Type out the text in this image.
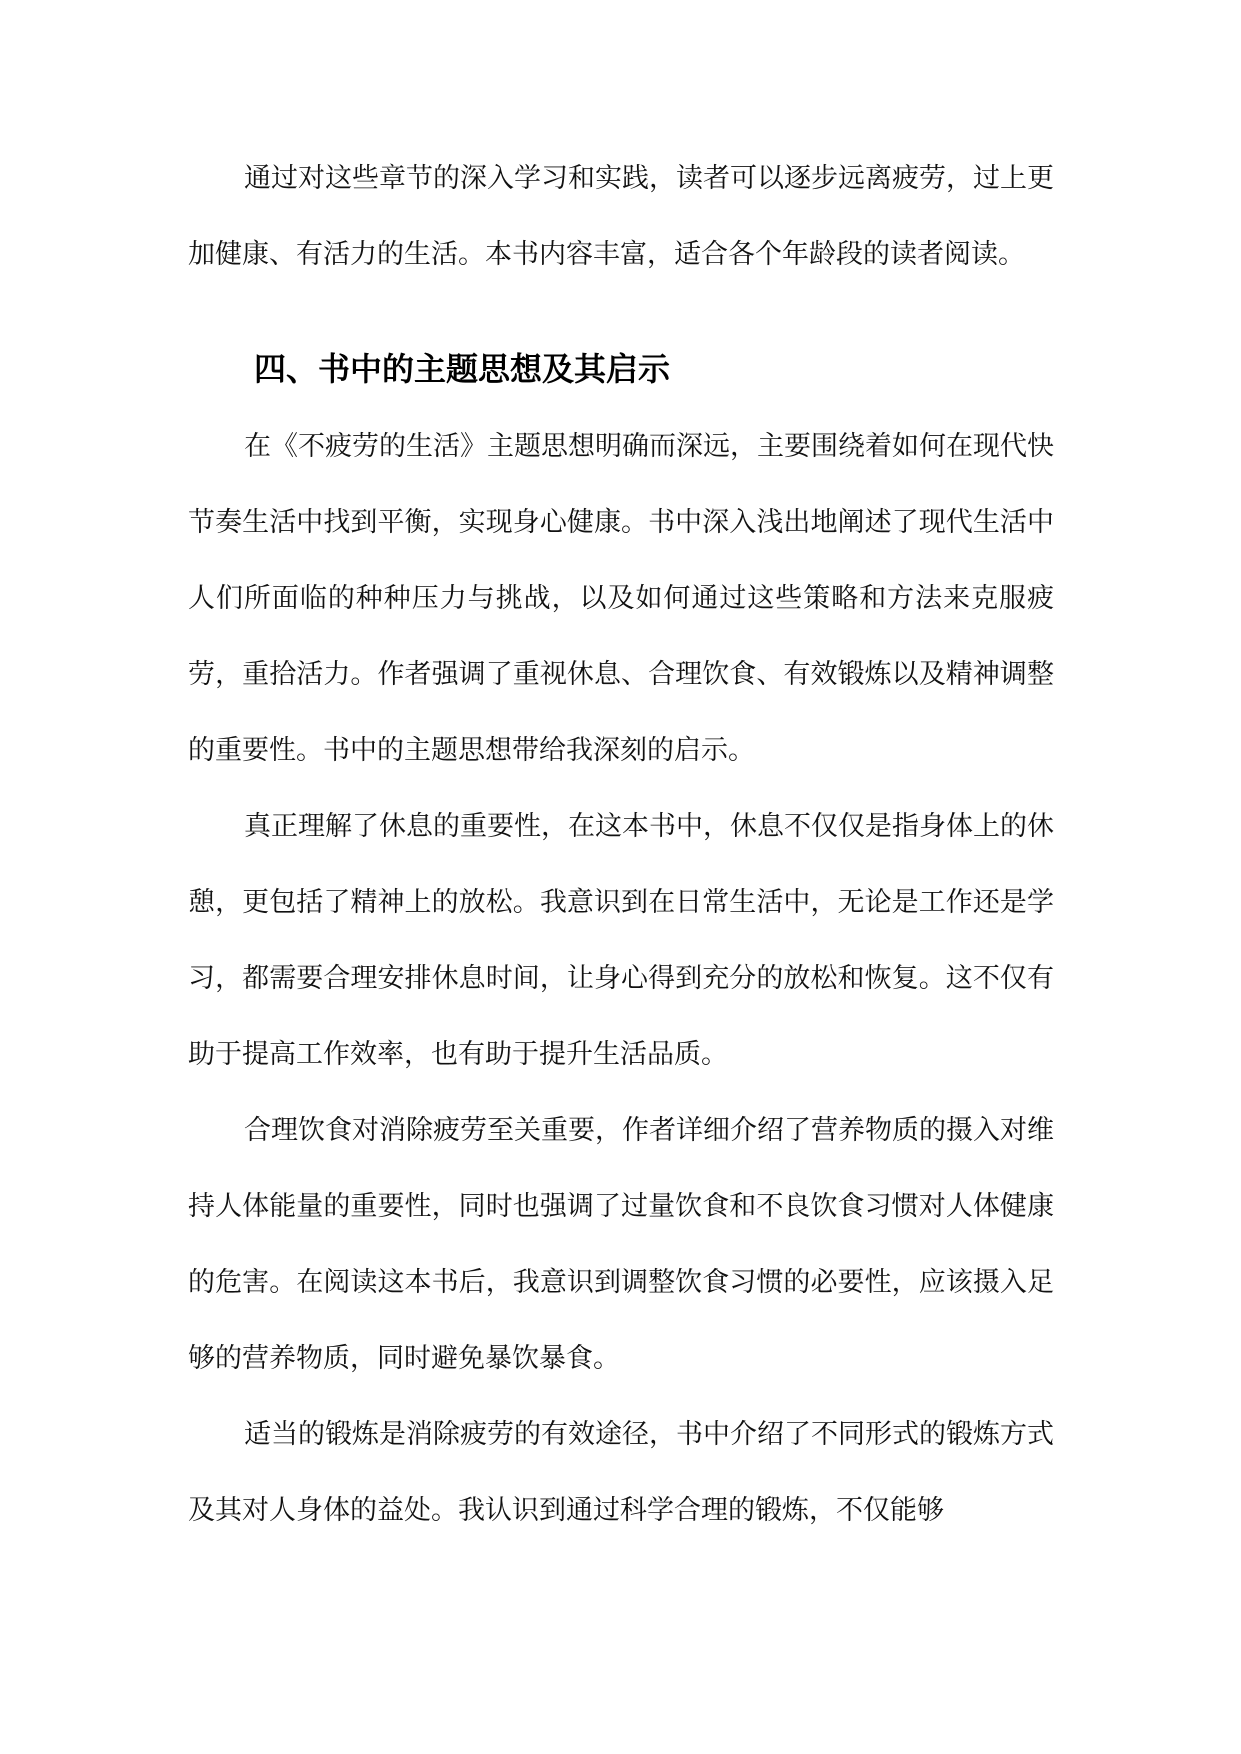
通过对这些章节的深入学习和实践，读者可以逐步远离疲劳，过上更加健康、有活力的生活。本书内容丰富，适合各个年龄段的读者阅读。

四、书中的主题思想及其启示

在《不疲劳的生活》主题思想明确而深远，主要围绕着如何在现代快节奏生活中找到平衡，实现身心健康。书中深入浅出地阐述了现代生活中人们所面临的种种压力与挑战，以及如何通过这些策略和方法来克服疲劳，重拾活力。作者强调了重视休息、合理饮食、有效锻炼以及精神调整的重要性。书中的主题思想带给我深刻的启示。

真正理解了休息的重要性，在这本书中，休息不仅仅是指身体上的休憩，更包括了精神上的放松。我意识到在日常生活中，无论是工作还是学习，都需要合理安排休息时间，让身心得到充分的放松和恢复。这不仅有助于提高工作效率，也有助于提升生活品质。

合理饮食对消除疲劳至关重要，作者详细介绍了营养物质的摄入对维持人体能量的重要性，同时也强调了过量饮食和不良饮食习惯对人体健康的危害。在阅读这本书后，我意识到调整饮食习惯的必要性，应该摄入足够的营养物质，同时避免暴饮暴食。

适当的锻炼是消除疲劳的有效途径，书中介绍了不同形式的锻炼方式及其对人身体的益处。我认识到通过科学合理的锻炼，不仅能够
